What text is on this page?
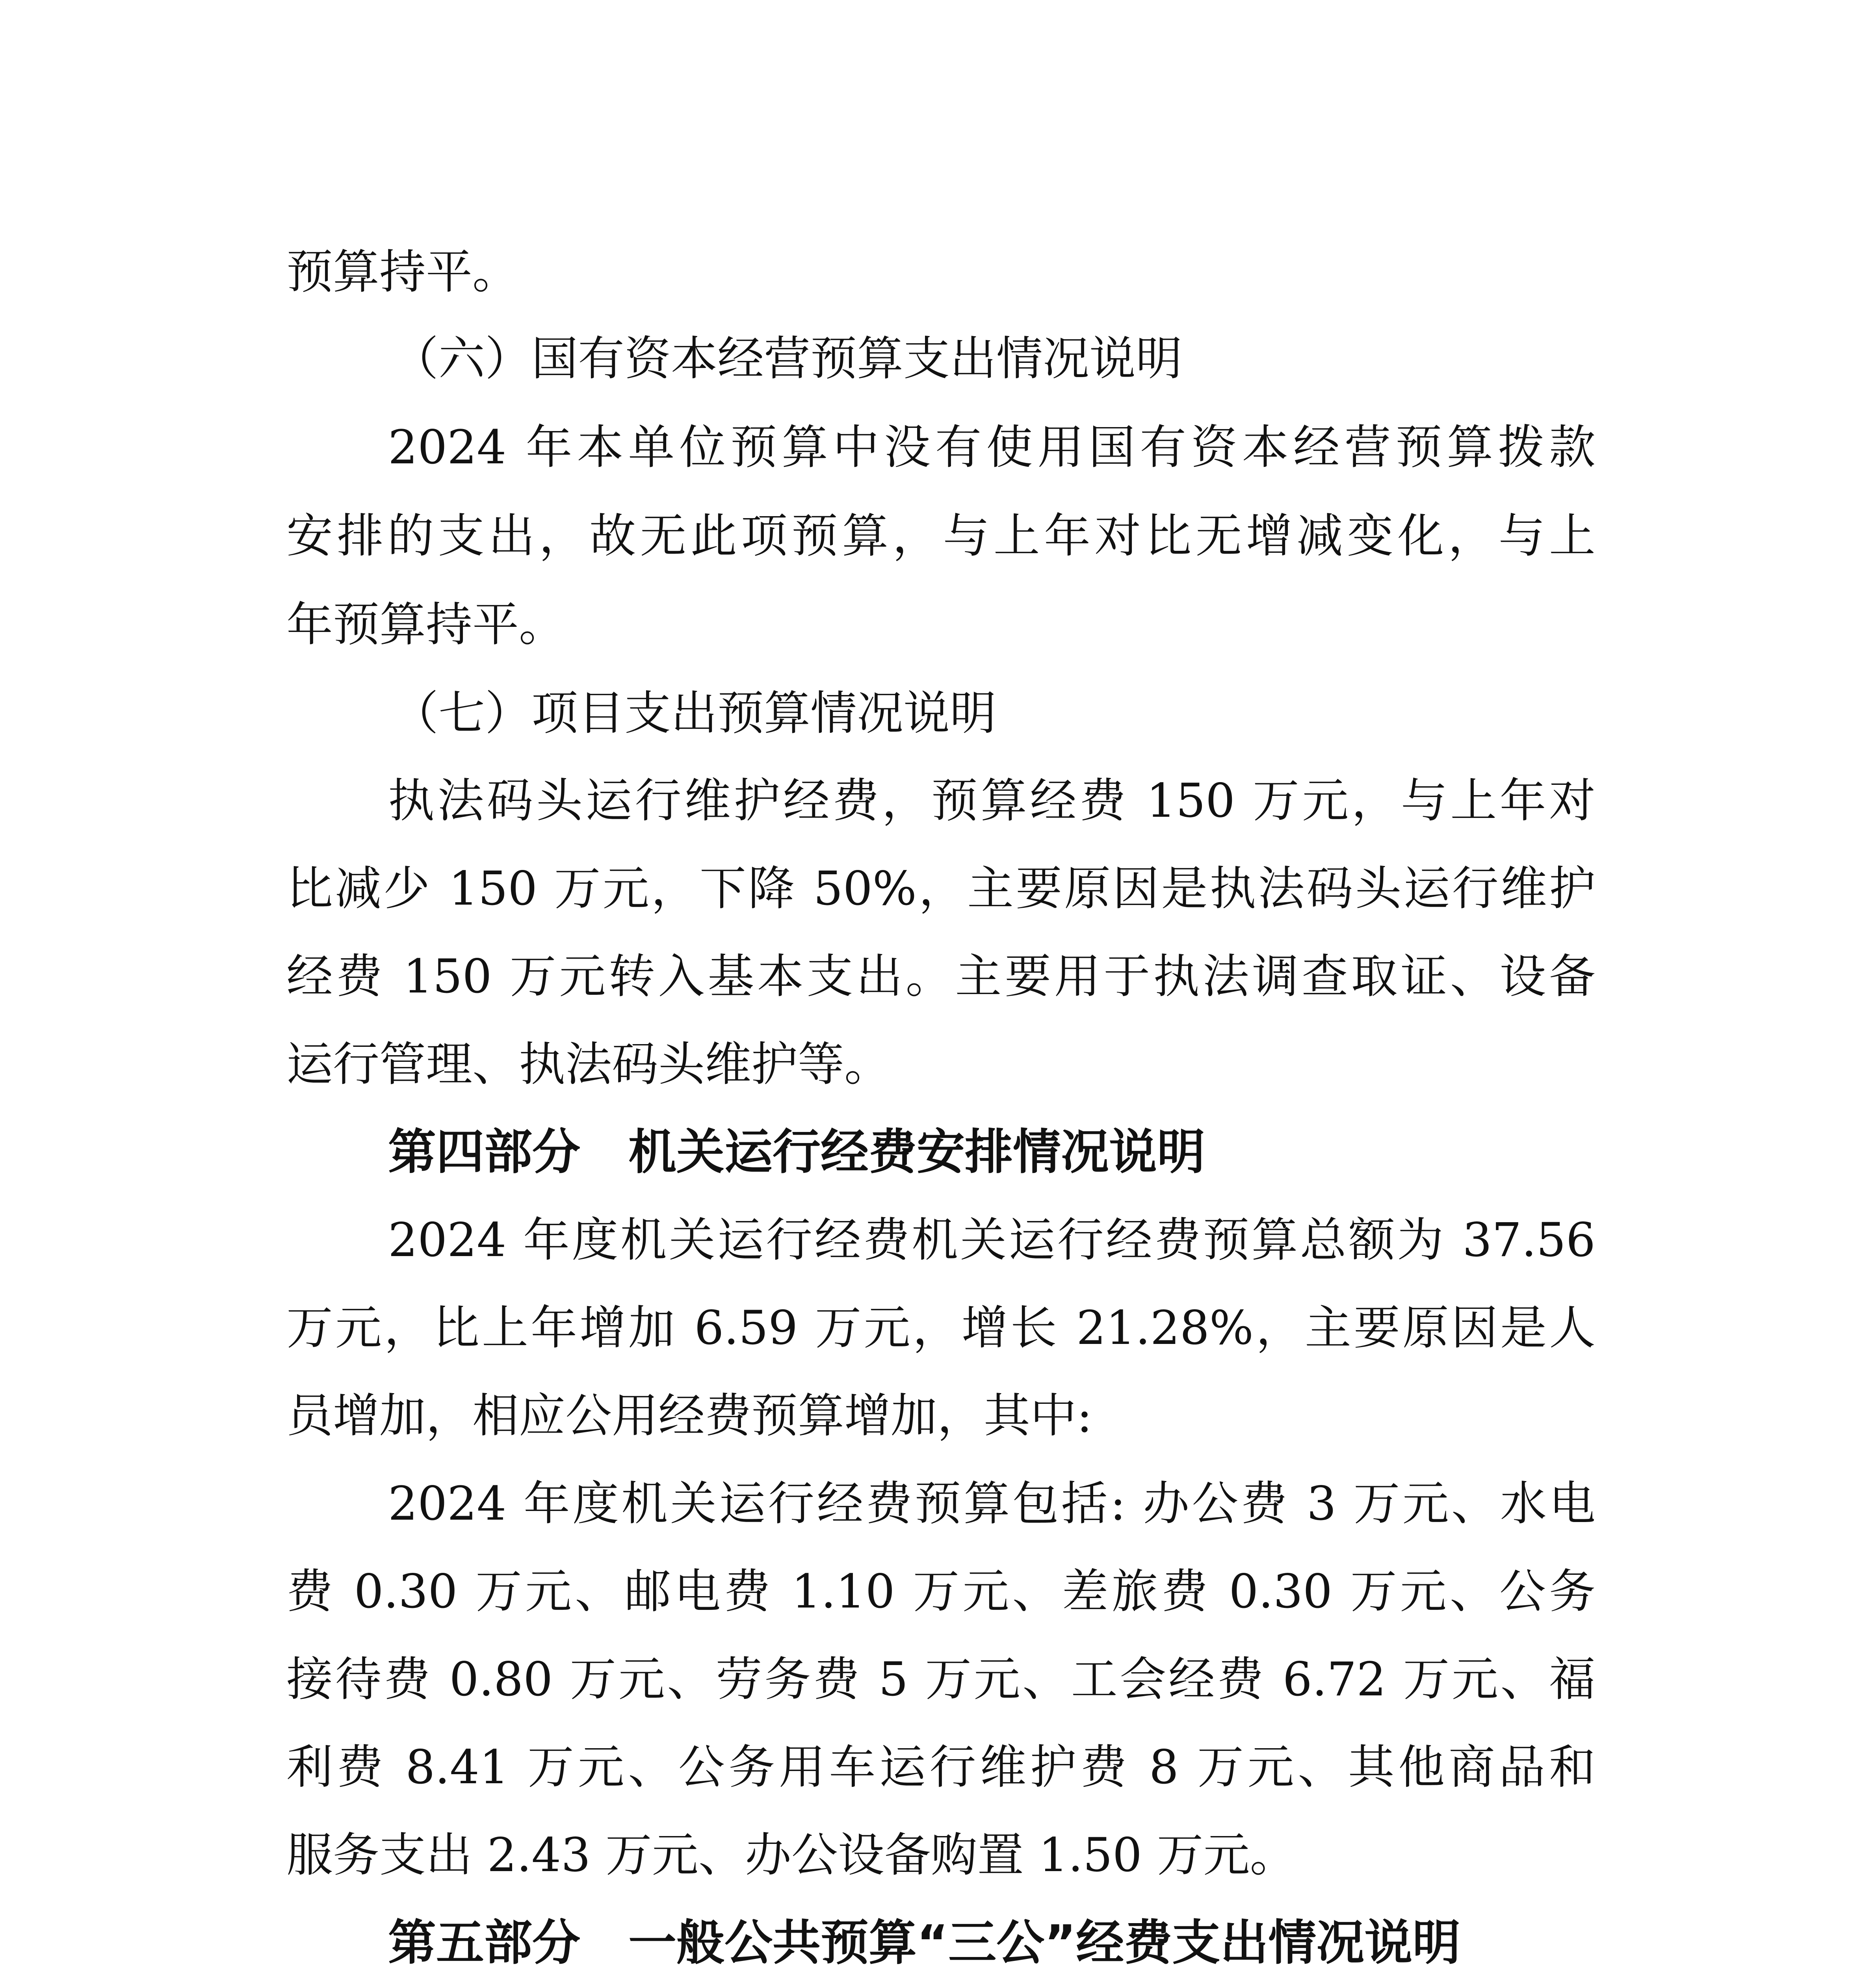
预算持平。
（六）国有资本经营预算支出情况说明
2024 年本单位预算中没有使用国有资本经营预算拨款
安排的支出，故无此项预算，与上年对比无增减变化，与上
年预算持平。
（七）项目支出预算情况说明
执法码头运行维护经费，预算经费 150 万元，与上年对
比减少 150 万元，下降 50%，主要原因是执法码头运行维护
经费 150 万元转入基本支出。主要用于执法调查取证、设备
运行管理、执法码头维护等。
第四部分　机关运行经费安排情况说明
2024 年度机关运行经费机关运行经费预算总额为 37.56
万元，比上年增加 6.59 万元，增长 21.28%，主要原因是人
员增加，相应公用经费预算增加，其中:
2024 年度机关运行经费预算包括: 办公费 3 万元、水电
费 0.30 万元、邮电费 1.10 万元、差旅费 0.30 万元、公务
接待费 0.80 万元、劳务费 5 万元、工会经费 6.72 万元、福
利费 8.41 万元、公务用车运行维护费 8 万元、其他商品和
服务支出 2.43 万元、办公设备购置 1.50 万元。
第五部分　一般公共预算“三公”经费支出情况说明
